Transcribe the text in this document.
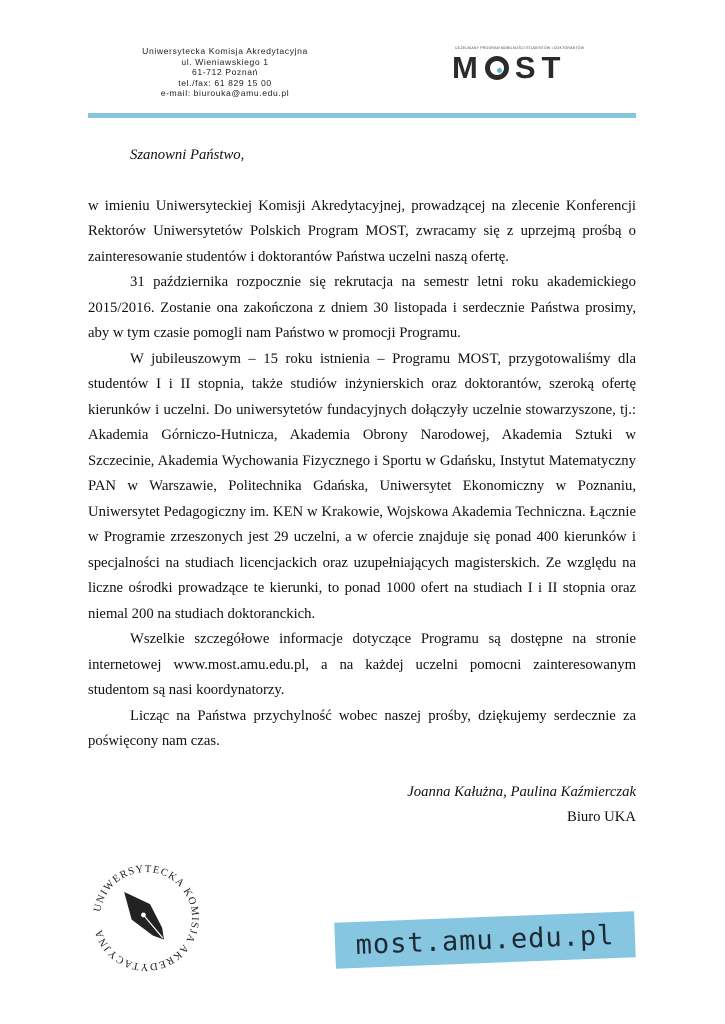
Uniwersytecka Komisja Akredytacyjna
ul. Wieniawskiego 1
61-712 Poznań
tel./fax: 61 829 15 00
e-mail: biurouka@amu.edu.pl
UCZELNIANY PROGRAM MOBILNOŚCI STUDENTÓW I DOKTORANTÓW
M ST
Szanowni Państwo,

w imieniu Uniwersyteckiej Komisji Akredytacyjnej, prowadzącej na zlecenie Konferencji Rektorów Uniwersytetów Polskich Program MOST, zwracamy się z uprzejmą prośbą o zainteresowanie studentów i doktorantów Państwa uczelni naszą ofertę.

31 października rozpocznie się rekrutacja na semestr letni roku akademickiego 2015/2016. Zostanie ona zakończona z dniem 30 listopada i serdecznie Państwa prosimy, aby w tym czasie pomogli nam Państwo w promocji Programu.

W jubileuszowym – 15 roku istnienia – Programu MOST, przygotowaliśmy dla studentów I i II stopnia, także studiów inżynierskich oraz doktorantów, szeroką ofertę kierunków i uczelni. Do uniwersytetów fundacyjnych dołączyły uczelnie stowarzyszone, tj.: Akademia Górniczo-Hutnicza, Akademia Obrony Narodowej, Akademia Sztuki w Szczecinie, Akademia Wychowania Fizycznego i Sportu w Gdańsku, Instytut Matematyczny PAN w Warszawie, Politechnika Gdańska, Uniwersytet Ekonomiczny w Poznaniu, Uniwersytet Pedagogiczny im. KEN w Krakowie, Wojskowa Akademia Techniczna. Łącznie w Programie zrzeszonych jest 29 uczelni, a w ofercie znajduje się ponad 400 kierunków i specjalności na studiach licencjackich oraz uzupełniających magisterskich. Ze względu na liczne ośrodki prowadzące te kierunki, to ponad 1000 ofert na studiach I i II stopnia oraz niemal 200 na studiach doktoranckich.

Wszelkie szczegółowe informacje dotyczące Programu są dostępne na stronie internetowej www.most.amu.edu.pl, a na każdej uczelni pomocni zainteresowanym studentom są nasi koordynatorzy.

Licząc na Państwa przychylność wobec naszej prośby, dziękujemy serdecznie za poświęcony nam czas.

Joanna Kałużna, Paulina Kaźmierczak
Biuro UKA
UNIWERSYTECKA KOMISJA AKREDYTACYJNA	most.amu.edu.pl
